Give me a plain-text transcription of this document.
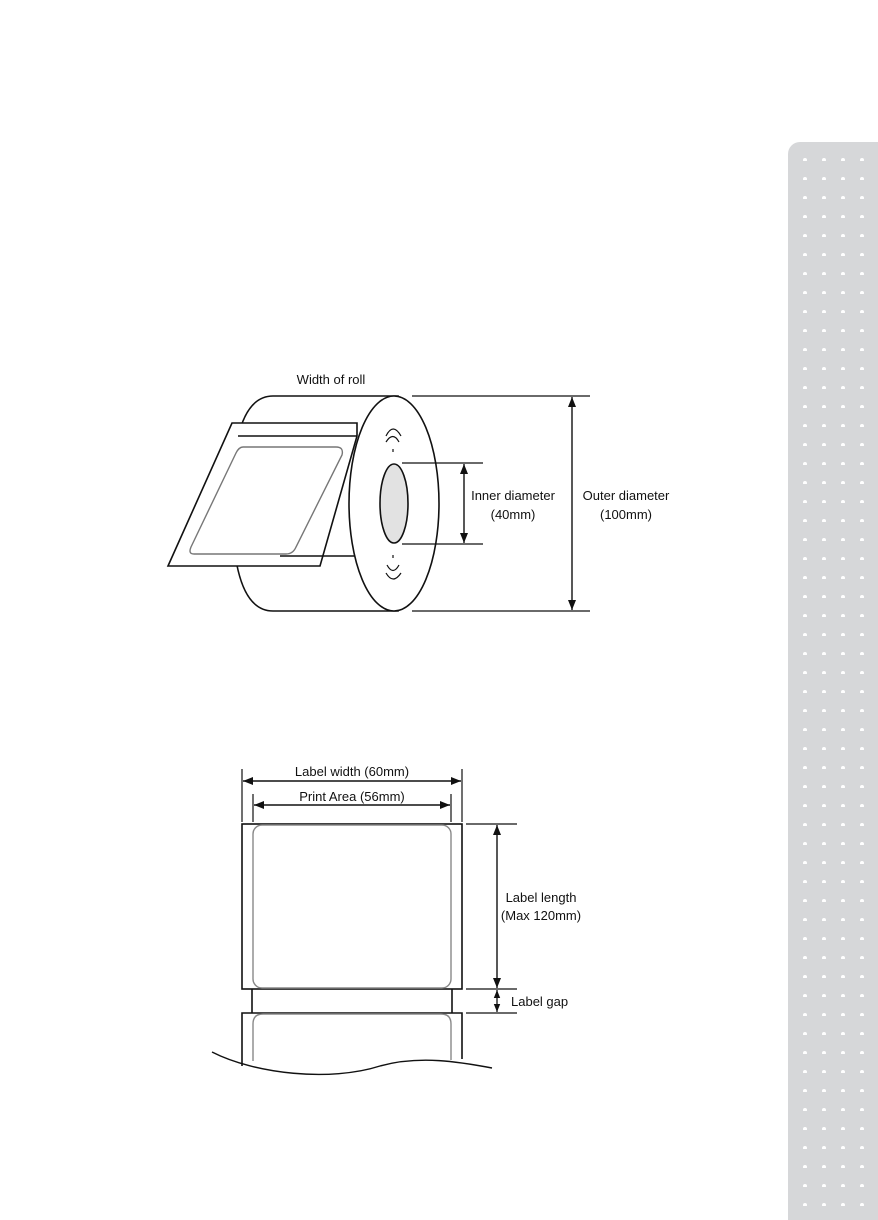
Width of roll
Inner diameter
(40mm)
Outer diameter
(100mm)
Label width (60mm)
Print Area (56mm)
Label length
(Max 120mm)
Label gap
